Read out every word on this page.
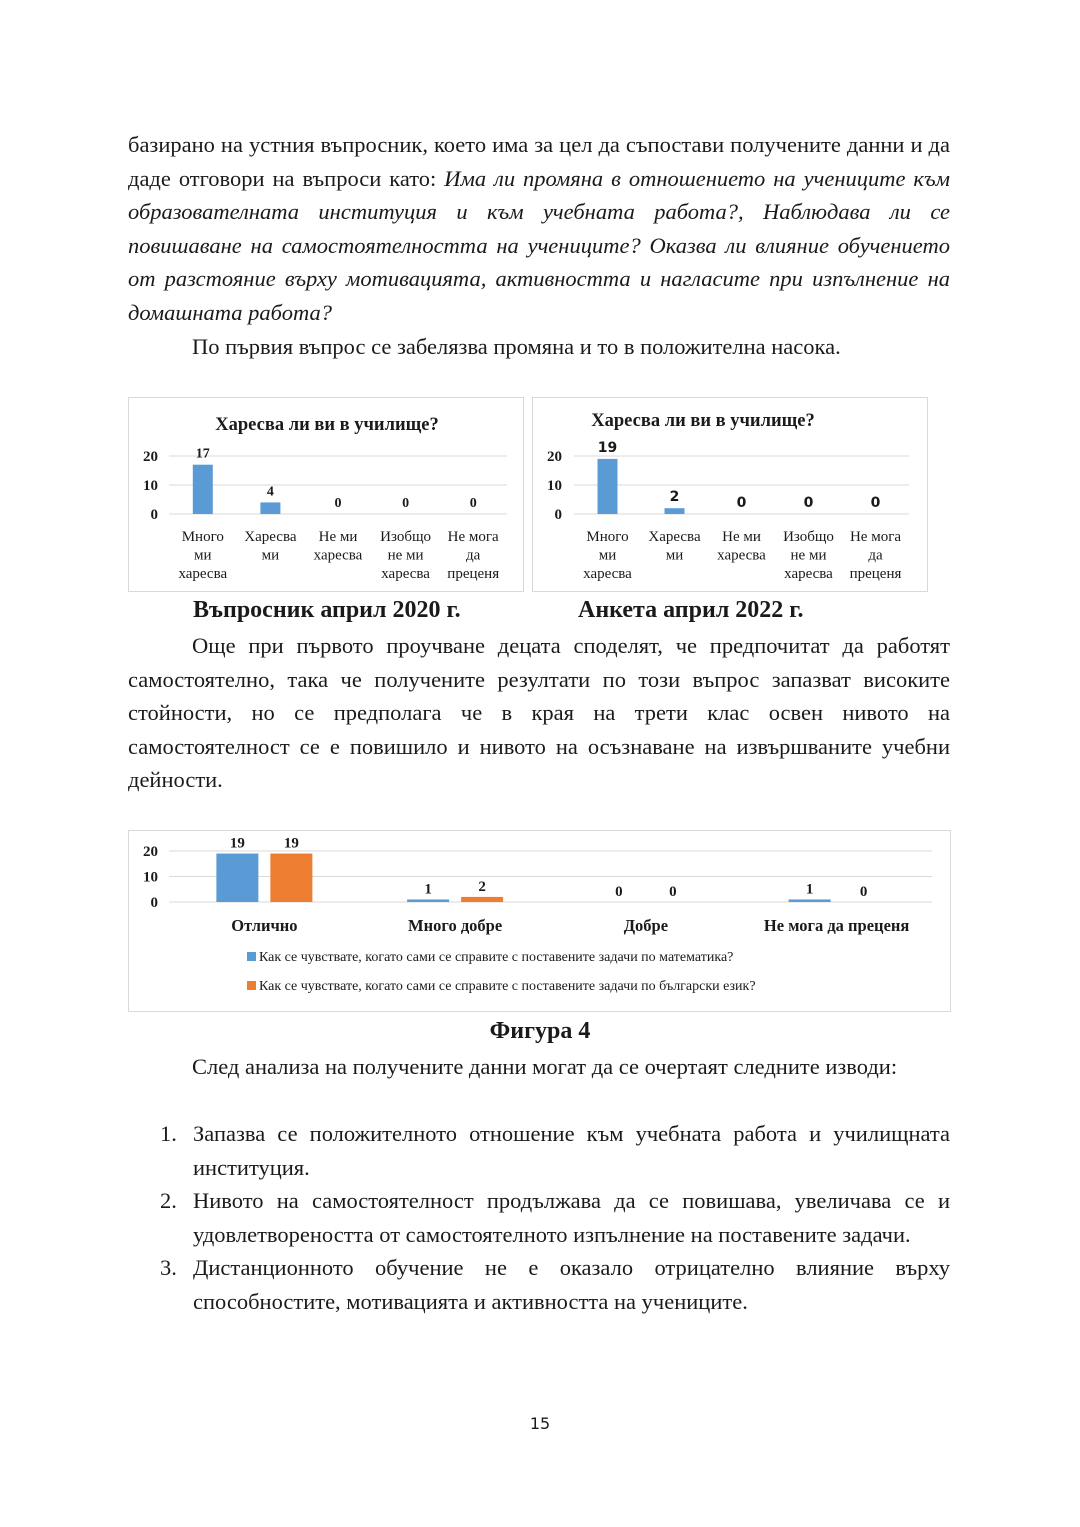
базирано на устния въпросник, което има за цел да съпостави получените данни и да даде отговори на въпроси като: Има ли промяна в отношението на учениците към образователната институция и към учебната работа?, Наблюдава ли се повишаване на самостоятелността на учениците? Оказва ли влияние обучението от разстояние върху мотивацията, активността и нагласите при изпълнение на домашната работа?

По първия въпрос се забелязва промяна и то в положителна насока.

Харесва ли ви в училище?
0
10
20	17
Много
ми
харесва
4
Харесва
ми
0
Не ми
харесва
0
Изобщо
не ми
харесва
0
Не мога
да
преценя
Харесва ли ви в училище?
0
10
20
19
Много
ми
харесва
2
Харесва
ми
0
Не ми
харесва
0
Изобщо
не ми
харесва
0
Не мога
да
преценя
Въпросник април 2020 г.	Анкета април 2022 г.

Още при първото проучване децата споделят, че предпочитат да работят самостоятелно, така че получените резултати по този въпрос запазват високите стойности, но се предполага че в края на трети клас освен нивото на самостоятелност се е повишило и нивото на осъзнаване на извършваните учебни дейности.

0
10
20
19	19
Отлично
1	2
Много добре
0	0
Добре
1	0
Не мога да преценя
Как се чувствате, когато сами се справите с поставените задачи по математика?
Как се чувствате, когато сами се справите с поставените задачи по български език?
Фигура 4

След анализа на получените данни могат да се очертаят следните изводи:

1. Запазва се положителното отношение към учебната работа и училищната институция.
2. Нивото на самостоятелност продължава да се повишава, увеличава се и удовлетвореността от самостоятелното изпълнение на поставените задачи.
3. Дистанционното обучение не е оказало отрицателно влияние върху способностите, мотивацията и активността на учениците.
15
